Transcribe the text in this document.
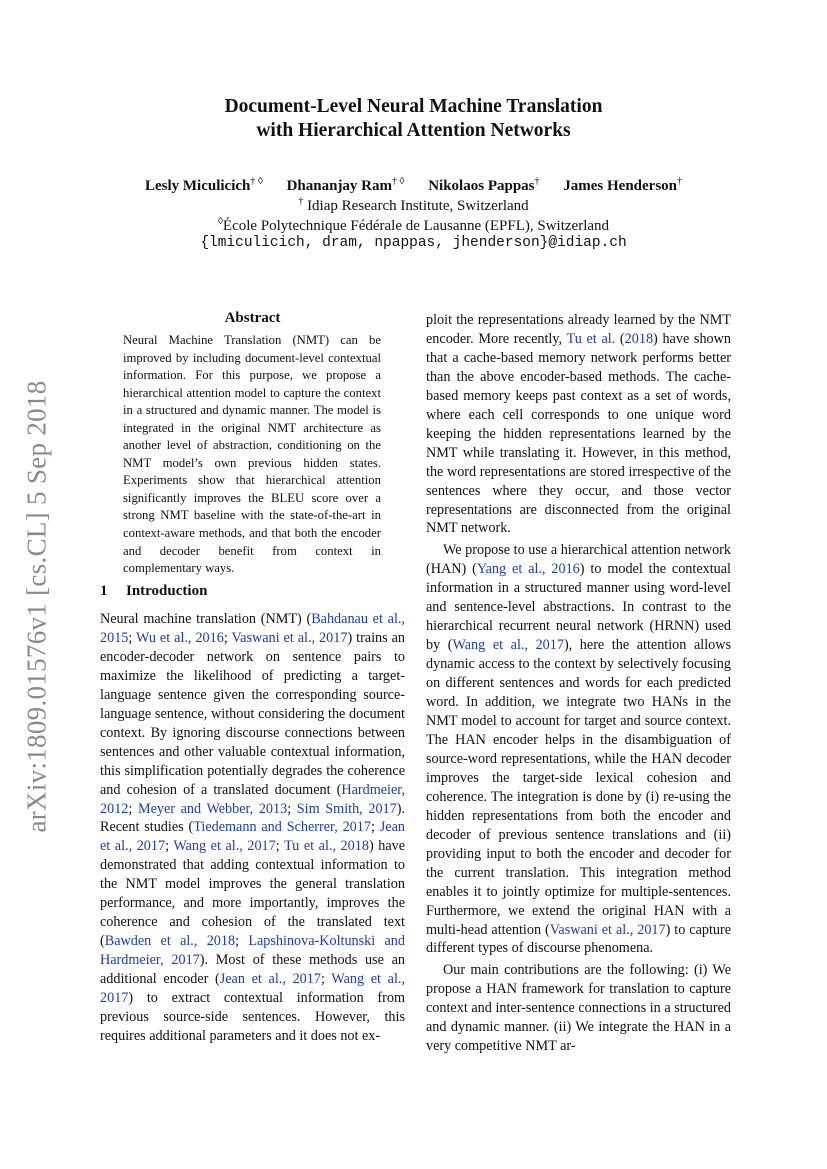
arXiv:1809.01576v1 [cs.CL] 5 Sep 2018
Document-Level Neural Machine Translation
with Hierarchical Attention Networks
Lesly Miculicich† ◊ Dhananjay Ram† ◊ Nikolaos Pappas† James Henderson†
† Idiap Research Institute, Switzerland
◊École Polytechnique Fédérale de Lausanne (EPFL), Switzerland
{lmiculicich, dram, npappas, jhenderson}@idiap.ch
Abstract
Neural Machine Translation (NMT) can be improved by including document-level contextual information. For this purpose, we propose a hierarchical attention model to capture the context in a structured and dynamic manner. The model is integrated in the original NMT architecture as another level of abstraction, conditioning on the NMT model’s own previous hidden states. Experiments show that hierarchical attention significantly improves the BLEU score over a strong NMT baseline with the state-of-the-art in context-aware methods, and that both the encoder and decoder benefit from context in complementary ways.
1 Introduction

Neural machine translation (NMT) (Bahdanau et al., 2015; Wu et al., 2016; Vaswani et al., 2017) trains an encoder-decoder network on sentence pairs to maximize the likelihood of predicting a target-language sentence given the corresponding source-language sentence, without considering the document context. By ignoring discourse connections between sentences and other valuable contextual information, this simplification potentially degrades the coherence and cohesion of a translated document (Hardmeier, 2012; Meyer and Webber, 2013; Sim Smith, 2017). Recent studies (Tiedemann and Scherrer, 2017; Jean et al., 2017; Wang et al., 2017; Tu et al., 2018) have demonstrated that adding contextual information to the NMT model improves the general translation performance, and more importantly, improves the coherence and cohesion of the translated text (Bawden et al., 2018; Lapshinova-Koltunski and Hardmeier, 2017). Most of these methods use an additional encoder (Jean et al., 2017; Wang et al., 2017) to extract contextual information from previous source-side sentences. However, this requires additional parameters and it does not ex-

ploit the representations already learned by the NMT encoder. More recently, Tu et al. (2018) have shown that a cache-based memory network performs better than the above encoder-based methods. The cache-based memory keeps past context as a set of words, where each cell corresponds to one unique word keeping the hidden representations learned by the NMT while translating it. However, in this method, the word representations are stored irrespective of the sentences where they occur, and those vector representations are disconnected from the original NMT network.

We propose to use a hierarchical attention network (HAN) (Yang et al., 2016) to model the contextual information in a structured manner using word-level and sentence-level abstractions. In contrast to the hierarchical recurrent neural network (HRNN) used by (Wang et al., 2017), here the attention allows dynamic access to the context by selectively focusing on different sentences and words for each predicted word. In addition, we integrate two HANs in the NMT model to account for target and source context. The HAN encoder helps in the disambiguation of source-word representations, while the HAN decoder improves the target-side lexical cohesion and coherence. The integration is done by (i) re-using the hidden representations from both the encoder and decoder of previous sentence translations and (ii) providing input to both the encoder and decoder for the current translation. This integration method enables it to jointly optimize for multiple-sentences. Furthermore, we extend the original HAN with a multi-head attention (Vaswani et al., 2017) to capture different types of discourse phenomena.

Our main contributions are the following: (i) We propose a HAN framework for translation to capture context and inter-sentence connections in a structured and dynamic manner. (ii) We integrate the HAN in a very competitive NMT ar-
